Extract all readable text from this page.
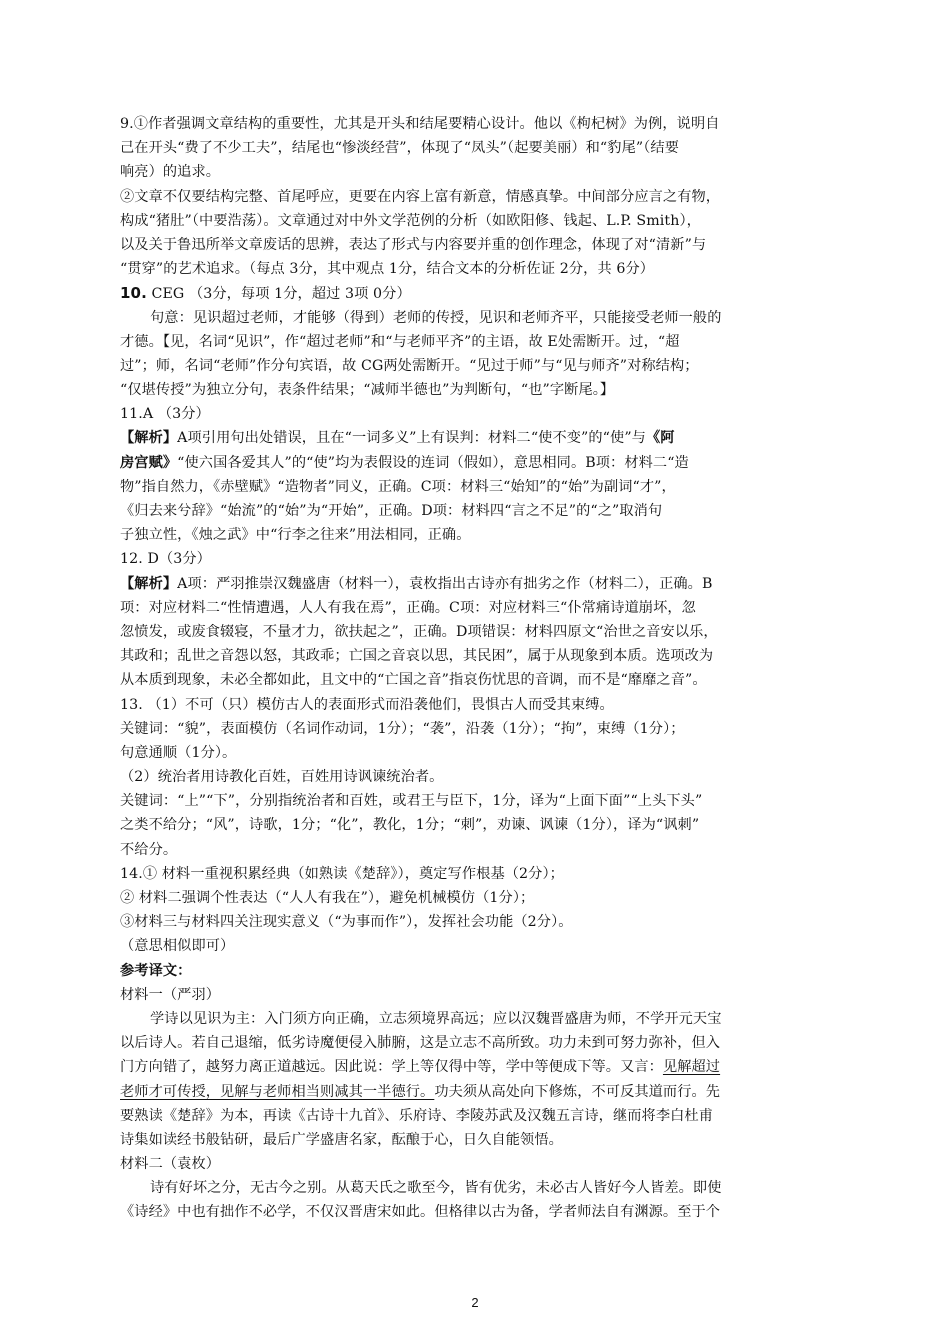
9.①作者强调文章结构的重要性，尤其是开头和结尾要精心设计。他以《枸杞树》为例，说明自
己在开头“费了不少工夫”，结尾也“惨淡经营”，体现了“凤头”（起要美丽）和“豹尾”（结要
响亮）的追求。
②文章不仅要结构完整、首尾呼应，更要在内容上富有新意，情感真挚。中间部分应言之有物，
构成“猪肚”（中要浩荡）。文章通过对中外文学范例的分析（如欧阳修、钱起、L.P. Smith），
以及关于鲁迅所举文章废话的思辨，表达了形式与内容要并重的创作理念，体现了对“清新”与
“贯穿”的艺术追求。（每点 3分，其中观点 1分，结合文本的分析佐证 2分，共 6分）
10. CEG （3分，每项 1分，超过 3项 0分）
句意：见识超过老师，才能够（得到）老师的传授，见识和老师齐平，只能接受老师一般的
才德。【见，名词“见识”，作“超过老师”和“与老师平齐”的主语，故 E处需断开。过，“超
过”；师，名词“老师”作分句宾语，故 CG两处需断开。“见过于师”与“见与师齐”对称结构；
“仅堪传授”为独立分句，表条件结果；“减师半德也”为判断句，“也”字断尾。】
11.A （3分）
【解析】A项引用句出处错误，且在“一词多义”上有误判：材料二“使不变”的“使”与《阿
房宫赋》“使六国各爱其人”的“使”均为表假设的连词（假如），意思相同。B项：材料二“造
物”指自然力，《赤壁赋》“造物者”同义，正确。C项：材料三“始知”的“始”为副词“才”，
《归去来兮辞》“始流”的“始”为“开始”，正确。D项：材料四“言之不足”的“之”取消句
子独立性，《烛之武》中“行李之往来”用法相同，正确。
12. D（3分）
【解析】A项：严羽推崇汉魏盛唐（材料一），袁枚指出古诗亦有拙劣之作（材料二），正确。B
项：对应材料二“性情遭遇，人人有我在焉”，正确。C项：对应材料三“仆常痛诗道崩坏，忽
忽愤发，或废食辍寝，不量才力，欲扶起之”，正确。D项错误：材料四原文“治世之音安以乐，
其政和；乱世之音怨以怒，其政乖；亡国之音哀以思，其民困”，属于从现象到本质。选项改为
从本质到现象，未必全都如此，且文中的“亡国之音”指哀伤忧思的音调，而不是“靡靡之音”。
13. （1）不可（只）模仿古人的表面形式而沿袭他们，畏惧古人而受其束缚。
关键词：“貌”，表面模仿（名词作动词，1分）；“袭”，沿袭（1分）；“拘”，束缚（1分）；
句意通顺（1分）。
（2）统治者用诗教化百姓，百姓用诗讽谏统治者。
关键词：“上”“下”，分别指统治者和百姓，或君王与臣下，1分，译为“上面下面”“上头下头”
之类不给分；“风”，诗歌，1分；“化”，教化，1分；“刺”，劝谏、讽谏（1分），译为“讽刺”
不给分。
14.① 材料一重视积累经典（如熟读《楚辞》），奠定写作根基（2分）；
② 材料二强调个性表达（“人人有我在”），避免机械模仿（1分）；
③材料三与材料四关注现实意义（“为事而作”），发挥社会功能（2分）。
（意思相似即可）
参考译文：
材料一（严羽）
学诗以见识为主：入门须方向正确，立志须境界高远；应以汉魏晋盛唐为师，不学开元天宝
以后诗人。若自己退缩，低劣诗魔便侵入肺腑，这是立志不高所致。功力未到可努力弥补，但入
门方向错了，越努力离正道越远。因此说：学上等仅得中等，学中等便成下等。又言：见解超过
老师才可传授，见解与老师相当则减其一半德行。功夫须从高处向下修炼，不可反其道而行。先
要熟读《楚辞》为本，再读《古诗十九首》、乐府诗、李陵苏武及汉魏五言诗，继而将李白杜甫
诗集如读经书般钻研，最后广学盛唐名家，酝酿于心，日久自能领悟。
材料二（袁枚）
诗有好坏之分，无古今之别。从葛天氏之歌至今，皆有优劣，未必古人皆好今人皆差。即使
《诗经》中也有拙作不必学，不仅汉晋唐宋如此。但格律以古为备，学者师法自有渊源。至于个
2
